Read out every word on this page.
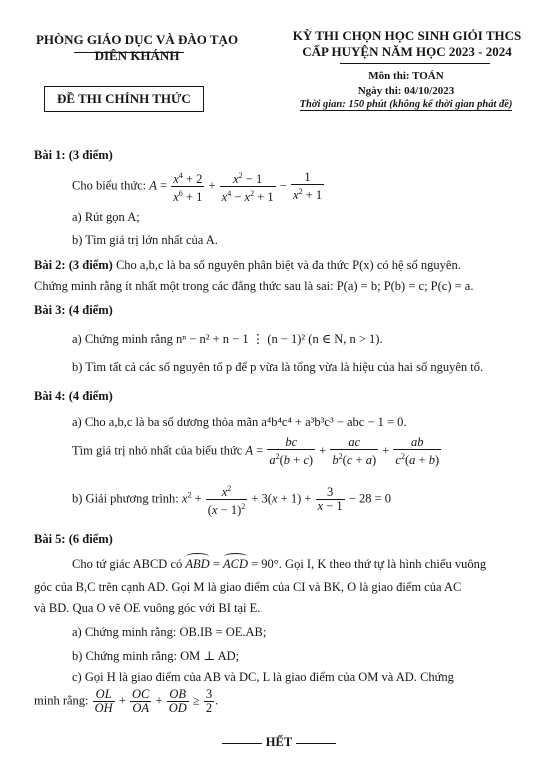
PHÒNG GIÁO DỤC VÀ ĐÀO TẠO
DIÊN KHÁNH
KỲ THI CHỌN HỌC SINH GIỎI THCS
CẤP HUYỆN NĂM HỌC 2023 - 2024
ĐỀ THI CHÍNH THỨC
Môn thi: TOÁN
Ngày thi: 04/10/2023
Thời gian: 150 phút (không kể thời gian phát đề)
Bài 1: (3 điểm)
Cho biểu thức: $A = \frac{x^4 + 2}{x^6 + 1} + \frac{x^2 - 1}{x^4 - x^2 + 1} - \frac{1}{x^2 + 1}$
a) Rút gọn A;
b) Tìm giá trị lớn nhất của A.
Bài 2: (3 điểm) Cho a,b,c là ba số nguyên phân biệt và đa thức P(x) có hệ số nguyên.
Chứng minh rằng ít nhất một trong các đẳng thức sau là sai: P(a) = b; P(b) = c; P(c) = a.
Bài 3: (4 điểm)
a) Chứng minh rằng nⁿ − n² + n − 1 ⋮ (n − 1)² (n ∈ N, n > 1).
b) Tìm tất cả các số nguyên tố p để p vừa là tổng vừa là hiệu của hai số nguyên tố.
Bài 4: (4 điểm)
a) Cho a,b,c là ba số dương thỏa mãn a⁴b⁴c⁴ + a³b³c³ − abc − 1 = 0.
Tìm giá trị nhỏ nhất của biểu thức $A = \frac{bc}{a^2(b + c)} + \frac{ac}{b^2(c + a)} + \frac{ab}{c^2(a + b)}$
b) Giải phương trình: $x^2 + \frac{x^2}{(x - 1)^2} + 3(x + 1) + \frac{3}{x - 1} - 28 = 0$
Bài 5: (6 điểm)
Cho tứ giác ABCD có ABD = ACD = 90°. Gọi I, K theo thứ tự là hình chiếu vuông
góc của B,C trên cạnh AD. Gọi M là giao điểm của CI và BK, O là giao điểm của AC
và BD. Qua O vẽ OE vuông góc với BI tại E.
a) Chứng minh rằng: OB.IB = OE.AB;
b) Chứng minh rằng: OM ⊥ AD;
c) Gọi H là giao điểm của AB và DC, L là giao điểm của OM và AD. Chứng
minh rằng: $\frac{OL}{OH} + \frac{OC}{OA} + \frac{OB}{OD} \ge \frac{3}{2}$ .
HẾT
